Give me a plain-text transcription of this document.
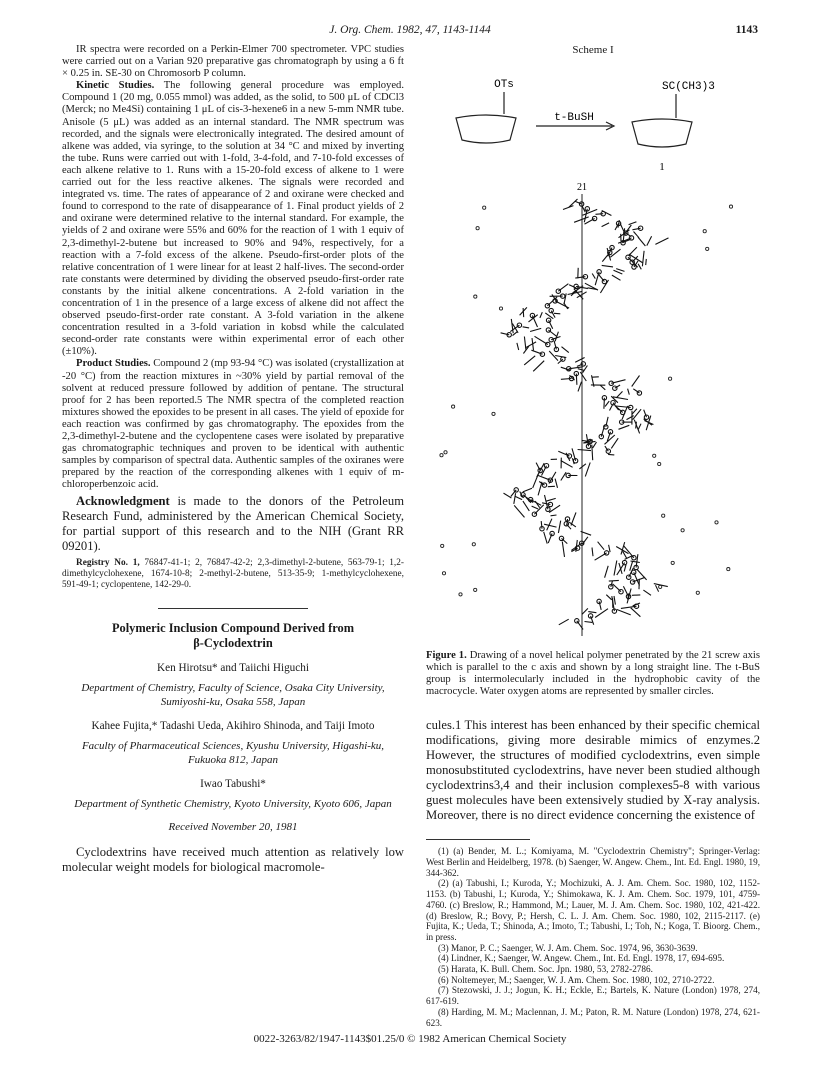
J. Org. Chem. 1982, 47, 1143-1144	1143

IR spectra were recorded on a Perkin-Elmer 700 spectrometer. VPC studies were carried out on a Varian 920 preparative gas chromatograph by using a 6 ft × 0.25 in. SE-30 on Chromosorb P column.

Kinetic Studies. The following general procedure was employed. Compound 1 (20 mg, 0.055 mmol) was added, as the solid, to 500 μL of CDCl3 (Merck; no Me4Si) containing 1 μL of cis-3-hexene6 in a new 5-mm NMR tube. Anisole (5 μL) was added as an internal standard. The NMR spectrum was recorded, and the signals were electronically integrated. The desired amount of alkene was added, via syringe, to the solution at 34 °C and mixed by inverting the tube. Runs were carried out with 1-fold, 3-4-fold, and 7-10-fold excesses of each alkene relative to 1. Runs with a 15-20-fold excess of alkene to 1 were carried out for the less reactive alkenes. The signals were recorded and integrated vs. time. The rates of appearance of 2 and oxirane were checked and found to correspond to the rate of disappearance of 1. Final product yields of 2 and oxirane were determined relative to the internal standard. For example, the yields of 2 and oxirane were 55% and 60% for the reaction of 1 with 1 equiv of 2,3-dimethyl-2-butene but increased to 90% and 94%, respectively, for a reaction with a 7-fold excess of the alkene. Pseudo-first-order plots of the relative concentration of 1 were linear for at least 2 half-lives. The second-order rate constants were determined by dividing the observed pseudo-first-order rate constants by the initial alkene concentrations. A 2-fold variation in the concentration of 1 in the presence of a large excess of alkene did not affect the observed pseudo-first-order rate constant. A 3-fold variation in the alkene concentration resulted in a 3-fold variation in kobsd while the calculated second-order rate constants were within experimental error of each other (±10%).

Product Studies. Compound 2 (mp 93-94 °C) was isolated (crystallization at -20 °C) from the reaction mixtures in ~30% yield by partial removal of the solvent at reduced pressure followed by addition of pentane. The structural proof for 2 has been reported.5 The NMR spectra of the completed reaction mixtures showed the epoxides to be present in all cases. The yield of epoxide for each reaction was confirmed by gas chromatography. The epoxides from the 2,3-dimethyl-2-butene and the cyclopentene cases were isolated by preparative gas chromatographic techniques and proven to be identical with authentic samples by comparison of spectral data. Authentic samples of the oxiranes were prepared by the reaction of the corresponding alkenes with 1 equiv of m-chloroperbenzoic acid.

Acknowledgment is made to the donors of the Petroleum Research Fund, administered by the American Chemical Society, for partial support of this research and to the NIH (Grant RR 09201).

Registry No. 1, 76847-41-1; 2, 76847-42-2; 2,3-dimethyl-2-butene, 563-79-1; 1,2-dimethylcyclohexene, 1674-10-8; 2-methyl-2-butene, 513-35-9; 1-methylcyclohexene, 591-49-1; cyclopentene, 142-29-0.

Polymeric Inclusion Compound Derived from
β-Cyclodextrin
Ken Hirotsu* and Taiichi Higuchi
Department of Chemistry, Faculty of Science, Osaka City University, Sumiyoshi-ku, Osaka 558, Japan
Kahee Fujita,* Tadashi Ueda, Akihiro Shinoda, and Taiji Imoto
Faculty of Pharmaceutical Sciences, Kyushu University, Higashi-ku, Fukuoka 812, Japan
Iwao Tabushi*
Department of Synthetic Chemistry, Kyoto University, Kyoto 606, Japan
Received November 20, 1981

Cyclodextrins have received much attention as relatively low molecular weight models for biological macromole-

Scheme I
OTs
t-BuSH
SC(CH3)3
1
21
Figure 1. Drawing of a novel helical polymer penetrated by the 21 screw axis which is parallel to the c axis and shown by a long straight line. The t-BuS group is intermolecularly included in the hydrophobic cavity of the macrocycle. Water oxygen atoms are represented by smaller circles.

cules.1 This interest has been enhanced by their specific chemical modifications, giving more desirable mimics of enzymes.2 However, the structures of modified cyclodextrins, even simple monosubstituted cyclodextrins, have never been studied although cyclodextrins3,4 and their inclusion complexes5-8 with various guest molecules have been extensively studied by X-ray analysis. Moreover, there is no direct evidence concerning the existence of

(1) (a) Bender, M. L.; Komiyama, M. "Cyclodextrin Chemistry"; Springer-Verlag: West Berlin and Heidelberg, 1978. (b) Saenger, W. Angew. Chem., Int. Ed. Engl. 1980, 19, 344-362.

(2) (a) Tabushi, I.; Kuroda, Y.; Mochizuki, A. J. Am. Chem. Soc. 1980, 102, 1152-1153. (b) Tabushi, I.; Kuroda, Y.; Shimokawa, K. J. Am. Chem. Soc. 1979, 101, 4759-4760. (c) Breslow, R.; Hammond, M.; Lauer, M. J. Am. Chem. Soc. 1980, 102, 421-422. (d) Breslow, R.; Bovy, P.; Hersh, C. L. J. Am. Chem. Soc. 1980, 102, 2115-2117. (e) Fujita, K.; Ueda, T.; Shinoda, A.; Imoto, T.; Tabushi, I.; Toh, N.; Koga, T. Bioorg. Chem., in press.

(3) Manor, P. C.; Saenger, W. J. Am. Chem. Soc. 1974, 96, 3630-3639.

(4) Lindner, K.; Saenger, W. Angew. Chem., Int. Ed. Engl. 1978, 17, 694-695.

(5) Harata, K. Bull. Chem. Soc. Jpn. 1980, 53, 2782-2786.

(6) Noltemeyer, M.; Saenger, W. J. Am. Chem. Soc. 1980, 102, 2710-2722.

(7) Stezowski, J. J.; Jogun, K. H.; Eckle, E.; Bartels, K. Nature (London) 1978, 274, 617-619.

(8) Harding, M. M.; Maclennan, J. M.; Paton, R. M. Nature (London) 1978, 274, 621-623.

0022-3263/82/1947-1143$01.25/0 © 1982 American Chemical Society
